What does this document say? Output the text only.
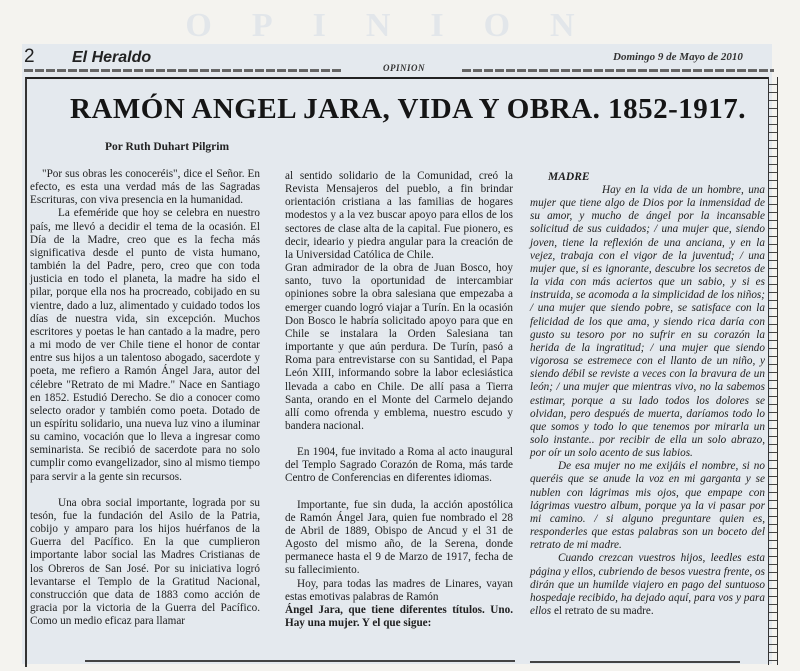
OPINION
2 El Heraldo
OPINION
Domingo 9 de Mayo de 2010
RAMÓN ANGEL JARA, VIDA Y OBRA. 1852-1917.
Por Ruth Duhart Pilgrim

"Por sus obras les conoceréis", dice el Señor. En efecto, es esta una verdad más de las Sagradas Escrituras, con viva presencia en la humanidad.

La efeméride que hoy se celebra en nuestro país, me llevó a decidir el tema de la ocasión. El Día de la Madre, creo que es la fecha más significativa desde el punto de vista humano, también la del Padre, pero, creo que con toda justicia en todo el planeta, la madre ha sido el pilar, porque ella nos ha procreado, cobijado en su vientre, dado a luz, alimentado y cuidado todos los días de nuestra vida, sin excepción. Muchos escritores y poetas le han cantado a la madre, pero a mi modo de ver Chile tiene el honor de contar entre sus hijos a un talentoso abogado, sacerdote y poeta, me refiero a Ramón Ángel Jara, autor del célebre "Retrato de mi Madre." Nace en Santiago en 1852. Estudió Derecho. Se dio a conocer como selecto orador y también como poeta. Dotado de un espíritu solidario, una nueva luz vino a iluminar su camino, vocación que lo lleva a ingresar como seminarista. Se recibió de sacerdote para no solo cumplir como evangelizador, sino al mismo tiempo para servir a la gente sin recursos.

Una obra social importante, lograda por su tesón, fue la fundación del Asilo de la Patria, cobijo y amparo para los hijos huérfanos de la Guerra del Pacífico. En la que cumplieron importante labor social las Madres Cristianas de los Obreros de San José. Por su iniciativa logró levantarse el Templo de la Gratitud Nacional, construcción que data de 1883 como acción de gracia por la victoria de la Guerra del Pacífico. Como un medio eficaz para llamar

al sentido solidario de la Comunidad, creó la Revista Mensajeros del pueblo, a fin brindar orientación cristiana a las familias de hogares modestos y a la vez buscar apoyo para ellos de los sectores de clase alta de la capital. Fue pionero, es decir, ideario y piedra angular para la creación de la Universidad Católica de Chile.

Gran admirador de la obra de Juan Bosco, hoy santo, tuvo la oportunidad de intercambiar opiniones sobre la obra salesiana que empezaba a emerger cuando logró viajar a Turín. En la ocasión Don Bosco le habría solicitado apoyo para que en Chile se instalara la Orden Salesiana tan importante y que aún perdura. De Turín, pasó a Roma para entrevistarse con su Santidad, el Papa León XIII, informando sobre la labor eclesiástica llevada a cabo en Chile. De allí pasa a Tierra Santa, orando en el Monte del Carmelo dejando allí como ofrenda y emblema, nuestro escudo y bandera nacional.

En 1904, fue invitado a Roma al acto inaugural del Templo Sagrado Corazón de Roma, más tarde Centro de Conferencias en diferentes idiomas.

Importante, fue sin duda, la acción apostólica de Ramón Ángel Jara, quien fue nombrado el 28 de Abril de 1889, Obispo de Ancud y el 31 de Agosto del mismo año, de la Serena, donde permanece hasta el 9 de Marzo de 1917, fecha de su fallecimiento.

Hoy, para todas las madres de Linares, vayan estas emotivas palabras de Ramón

Ángel Jara, que tiene diferentes títulos. Uno. Hay una mujer. Y el que sigue:

MADRE

Hay en la vida de un hombre, una mujer que tiene algo de Dios por la inmensidad de su amor, y mucho de ángel por la incansable solicitud de sus cuidados; / una mujer que, siendo joven, tiene la reflexión de una anciana, y en la vejez, trabaja con el vigor de la juventud; / una mujer que, si es ignorante, descubre los secretos de la vida con más aciertos que un sabio, y si es instruida, se acomoda a la simplicidad de los niños; / una mujer que siendo pobre, se satisface con la felicidad de los que ama, y siendo rica daría con gusto su tesoro por no sufrir en su corazón la herida de la ingratitud; / una mujer que siendo vigorosa se estremece con el llanto de un niño, y siendo débil se reviste a veces con la bravura de un león; / una mujer que mientras vivo, no la sabemos estimar, porque a su lado todos los dolores se olvidan, pero después de muerta, daríamos todo lo que somos y todo lo que tenemos por mirarla un solo instante.. por recibir de ella un solo abrazo, por oír un solo acento de sus labios.

De esa mujer no me exijáis el nombre, si no queréis que se anude la voz en mi garganta y se nublen con lágrimas mis ojos, que empape con lágrimas vuestro album, porque ya la vi pasar por mi camino. / si alguno preguntare quien es, responderles que estas palabras son un boceto del retrato de mi madre.

Cuando crezcan vuestros hijos, leedles esta página y ellos, cubriendo de besos vuestra frente, os dirán que un humilde viajero en pago del suntuoso hospedaje recibido, ha dejado aquí, para vos y para ellos el retrato de su madre.
